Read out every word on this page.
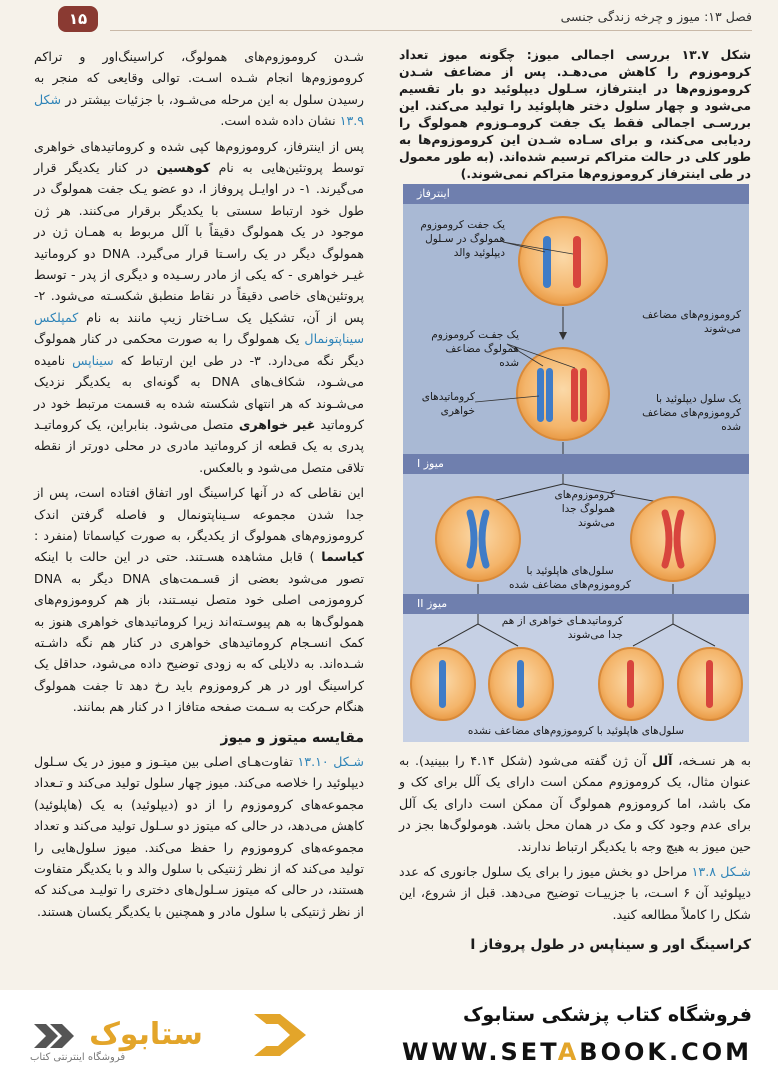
۱۵	فصل ۱۳: میوز و چرخه زندگی جنسی

شـدن کروموزوم‌های همولوگ، کراسینگ‌اور و تراکم کروموزوم‌ها انجام شـده اسـت. توالی وقایعی که منجر به رسیدن سلول به این مرحله می‌شـود، با جزئیات بیشتر در شکل ۱۳.۹ نشان داده شده است.

پس از اینترفاز، کروموزوم‌ها کپی شده و کروماتیدهای خواهری توسط پروتئین‌هایی به نام کوهسین در کنار یکدیگر قرار می‌گیرند. ۱- در اوایـل پروفاز I، دو عضو یـک جفت همولوگ در طول خود ارتباط سستی با یکدیگر برقرار می‌کنند. هر ژن موجود در یک همولوگ دقیقاً با آلل مربوط به همـان ژن در همولوگ دیگر در یک راسـتا قرار می‌گیرد. DNA دو کروماتید غیـر خواهری - که یکی از مادر رسـیده و دیگری از پدر - توسط پروتئین‌های خاصی دقیقاً در نقاط منطبق شکسـته می‌شود. ۲- پس از آن، تشکیل یک سـاختار زیپ مانند به نام کمپلکس سیناپتونمال یک همولوگ را به صورت محکمی در کنار همولوگ دیگر نگه می‌دارد. ۳- در طی این ارتباط که سیناپس نامیده می‌شـود، شکاف‌های DNA به گونه‌ای به یکدیگر نزدیک می‌شـوند که هر انتهای شکسته شده به قسمت مرتبط خود در کروماتید غیر خواهری متصل می‌شود. بنابراین، یک کروماتیـد پدری به یک قطعه از کروماتید مادری در محلی دورتر از نقطه تلاقی متصل می‌شود و بالعکس.

این نقاطی که در آنها کراسینگ اور اتفاق افتاده است، پس از جدا شدن مجموعه سـیناپتونمال و فاصله گرفتن اندک کروموزوم‌های همولوگ از یکدیگر، به صورت کیاسماتا (منفرد : کیاسما ) قابل مشاهده هسـتند. حتی در این حالت با اینکه تصور می‌شود بعضی از قسـمت‌های DNA دیگر به DNA کروموزمی اصلی خود متصل نیسـتند، باز هم کروموزوم‌های همولوگ‌ها به هم پیوسـته‌اند زیرا کروماتیدهای خواهری هنوز به کمک انسـجام کروماتیدهای خواهری در کنار هم نگه داشـته شـده‌اند. به دلایلی که به زودی توضیح داده می‌شود، حداقل یک کراسینگ اور در هر کروموزوم باید رخ دهد تا جفت همولوگ هنگام حرکت به سـمت صفحه متافاز I در کنار هم بمانند.

مقایسه میتوز و میوز

شـکل ۱۳.۱۰ تفاوت‌هـای اصلی بین میتـوز و میوز در یک سـلول دیپلوئید را خلاصه می‌کند. میوز چهار سلول تولید می‌کند و تـعداد مجموعه‌های کروموزوم را از دو (دیپلوئید) به یک (هاپلوئید) کاهش می‌دهد، در حالی که میتوز دو سـلول تولید می‌کند و تعداد مجموعه‌های کروموزوم را حفظ می‌کند. میوز سلول‌هایی را تولید می‌کند که از نظر ژنتیکی با سلول والد و با یکدیگر متفاوت هستند، در حالی که میتوز سـلول‌های دختری را تولیـد می‌کند که از نظر ژنتیکی با سلول مادر و همچنین با یکدیگر یکسان هستند.

شکل ۱۳.۷ بررسی اجمالی میوز: چگونه میوز تعداد کروموزوم را کاهش می‌دهـد. پس از مضاعف شـدن کروموزوم‌ها در اینترفاز، سـلول دیپلوئید دو بار تقسیم می‌شود و چهار سلول دختر هاپلوئید را تولید می‌کند. این بررسـی اجمالی فقط یک جفت کرومـوزوم همولوگ را ردیابی می‌کند، و برای سـاده شـدن این کروموزوم‌ها به طور کلی در حالت متراکم ترسیم شده‌اند. (به طور معمول در طی اینترفاز کروموزوم‌ها متراکم نمی‌شوند.)

اینترفاز
میوز I
میوز II
یک جفت کروموزوم همولوگ در سـلول دیپلوئید والد
کروموزوم‌های مضاعف می‌شوند
یک جفـت کروموزوم همولوگ مضاعف شده
کروماتیدهای خواهری
یک سلول دیپلوئید با کروموزوم‌های مضاعف شده
کروموزوم‌های همولوگ جدا می‌شوند
سلول‌های هاپلوئید با کروموزوم‌های مضاعف شده
کروماتیدهـای خواهری از هم جدا می‌شوند
سلول‌های هاپلوئید با کروموزوم‌های مضاعف نشده

به هر نسـخه، آلل آن ژن گفته می‌شود (شکل ۴.۱۴ را ببینید). به عنوان مثال، یک کروموزوم ممکن است دارای یک آلل برای کک و مک باشد، اما کروموزوم همولوگ آن ممکن است دارای یک آلل برای عدم وجود کک و مک در همان محل باشد. هومولوگ‌ها بجز در حین میوز به هیچ وجه با یکدیگر ارتباط ندارند.

شـکل ۱۳.۸ مراحل دو بخش میوز را برای یک سلول جانوری که عدد دیپلوئید آن ۶ اسـت، با جزییـات توضیح می‌دهد. قبل از شروع، این شکل را کاملاً مطالعه کنید.

کراسینگ اور و سیناپس در طول پروفاز I
ستابوک
فروشگاه اینترنتی کتاب
فروشگاه کتاب پزشکی ستابوک
WWW.SETABOOK.COM
